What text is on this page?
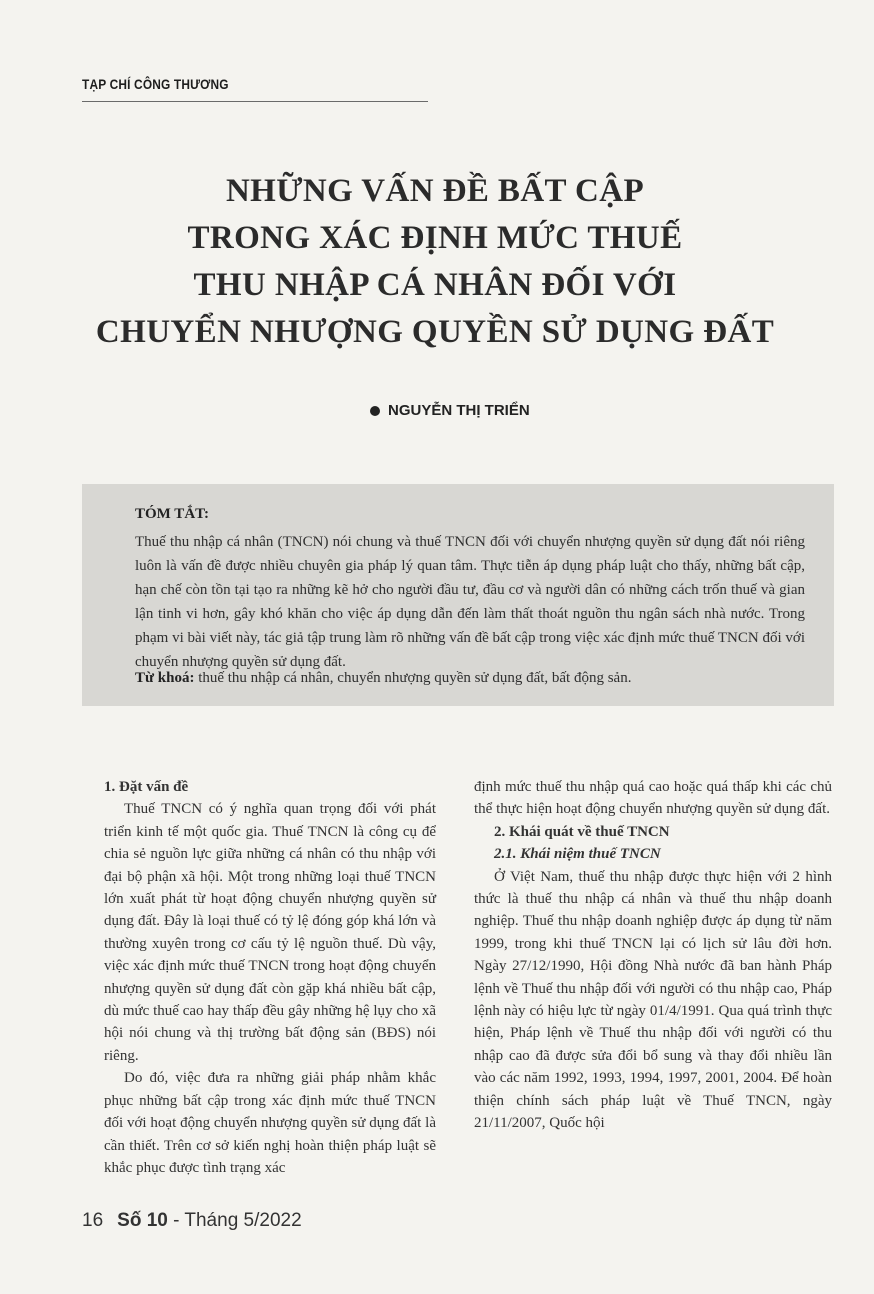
TẠP CHÍ CÔNG THƯƠNG
NHỮNG VẤN ĐỀ BẤT CẬP
TRONG XÁC ĐỊNH MỨC THUẾ
THU NHẬP CÁ NHÂN ĐỐI VỚI
CHUYỂN NHƯỢNG QUYỀN SỬ DỤNG ĐẤT
NGUYỄN THỊ TRIỂN
TÓM TẮT:
Thuế thu nhập cá nhân (TNCN) nói chung và thuế TNCN đối với chuyển nhượng quyền sử dụng đất nói riêng luôn là vấn đề được nhiều chuyên gia pháp lý quan tâm. Thực tiễn áp dụng pháp luật cho thấy, những bất cập, hạn chế còn tồn tại tạo ra những kẽ hở cho người đầu tư, đầu cơ và người dân có những cách trốn thuế và gian lận tinh vi hơn, gây khó khăn cho việc áp dụng dẫn đến làm thất thoát nguồn thu ngân sách nhà nước. Trong phạm vi bài viết này, tác giả tập trung làm rõ những vấn đề bất cập trong việc xác định mức thuế TNCN đối với chuyển nhượng quyền sử dụng đất.
Từ khoá: thuế thu nhập cá nhân, chuyển nhượng quyền sử dụng đất, bất động sản.

1. Đặt vấn đề

Thuế TNCN có ý nghĩa quan trọng đối với phát triển kinh tế một quốc gia. Thuế TNCN là công cụ để chia sẻ nguồn lực giữa những cá nhân có thu nhập với đại bộ phận xã hội. Một trong những loại thuế TNCN lớn xuất phát từ hoạt động chuyển nhượng quyền sử dụng đất. Đây là loại thuế có tỷ lệ đóng góp khá lớn và thường xuyên trong cơ cấu tỷ lệ nguồn thuế. Dù vậy, việc xác định mức thuế TNCN trong hoạt động chuyển nhượng quyền sử dụng đất còn gặp khá nhiều bất cập, dù mức thuế cao hay thấp đều gây những hệ lụy cho xã hội nói chung và thị trường bất động sản (BĐS) nói riêng.

Do đó, việc đưa ra những giải pháp nhằm khắc phục những bất cập trong xác định mức thuế TNCN đối với hoạt động chuyển nhượng quyền sử dụng đất là cần thiết. Trên cơ sở kiến nghị hoàn thiện pháp luật sẽ khắc phục được tình trạng xác

định mức thuế thu nhập quá cao hoặc quá thấp khi các chủ thể thực hiện hoạt động chuyển nhượng quyền sử dụng đất.

2. Khái quát về thuế TNCN

2.1. Khái niệm thuế TNCN

Ở Việt Nam, thuế thu nhập được thực hiện với 2 hình thức là thuế thu nhập cá nhân và thuế thu nhập doanh nghiệp. Thuế thu nhập doanh nghiệp được áp dụng từ năm 1999, trong khi thuế TNCN lại có lịch sử lâu đời hơn. Ngày 27/12/1990, Hội đồng Nhà nước đã ban hành Pháp lệnh về Thuế thu nhập đối với người có thu nhập cao, Pháp lệnh này có hiệu lực từ ngày 01/4/1991. Qua quá trình thực hiện, Pháp lệnh về Thuế thu nhập đối với người có thu nhập cao đã được sửa đổi bổ sung và thay đổi nhiều lần vào các năm 1992, 1993, 1994, 1997, 2001, 2004. Để hoàn thiện chính sách pháp luật về Thuế TNCN, ngày 21/11/2007, Quốc hội

16 Số 10 - Tháng 5/2022
